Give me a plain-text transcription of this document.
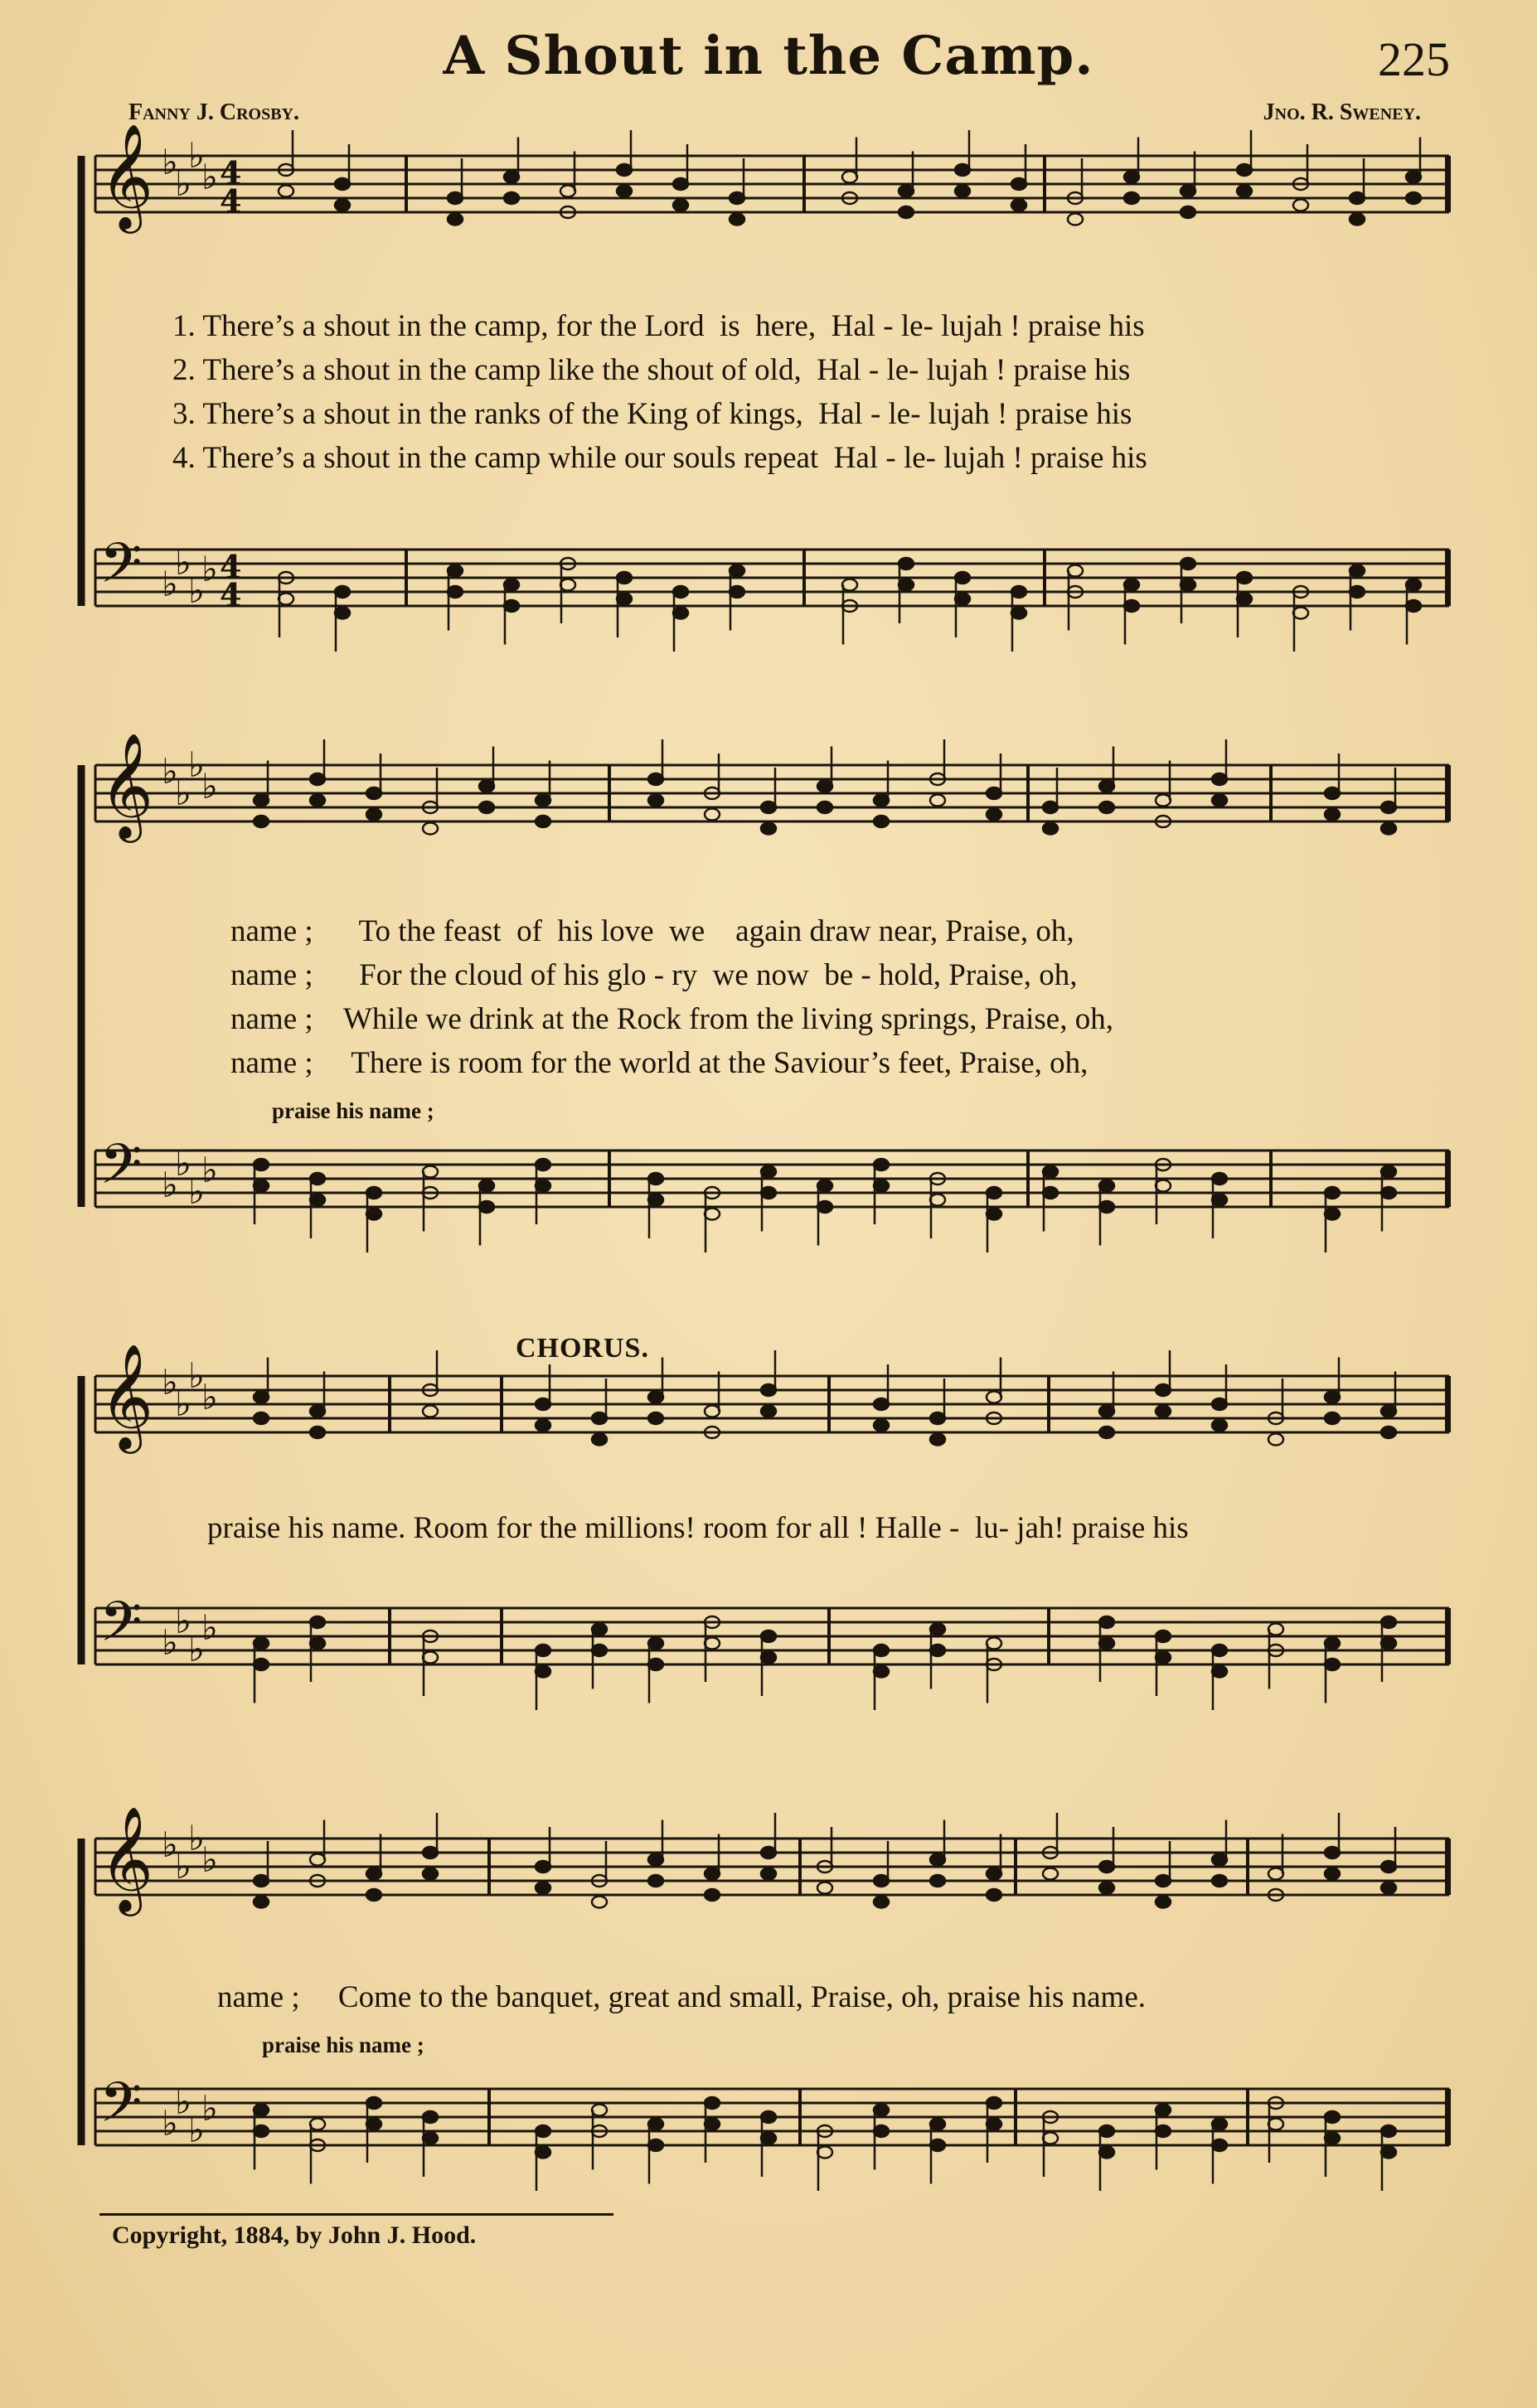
A Shout in the Camp.	225
Fanny J. Crosby.	Jno. R. Sweney.
𝄞 ♭
♭
♭
♭ 4
4
𝄢 ♭
♭
♭
♭ 4
4
𝄞 ♭
♭
♭
♭
𝄢 ♭
♭
♭
♭
𝄞 ♭
♭
♭
♭
𝄢 ♭
♭
♭
♭
𝄞 ♭
♭
♭
♭
𝄢 ♭
♭
♭
♭
1. There’s a shout in the camp, for the Lord  is  here,  Hal - le- lujah ! praise his
2. There’s a shout in the camp like the shout of old,  Hal - le- lujah ! praise his
3. There’s a shout in the ranks of the King of kings,  Hal - le- lujah ! praise his
4. There’s a shout in the camp while our souls repeat  Hal - le- lujah ! praise his
name ; To the feast  of  his love  we    again draw near, Praise, oh,
name ; For the cloud of his glo - ry  we now  be - hold, Praise, oh,
name ; While we drink at the Rock from the living springs, Praise, oh,
name ; There is room for the world at the Saviour’s feet, Praise, oh,
praise his name ;
CHORUS.
praise his name. Room for the millions! room for all ! Halle -  lu- jah! praise his
name ; Come to the banquet, great and small, Praise, oh, praise his name.
praise his name ;
Copyright, 1884, by John J. Hood.
